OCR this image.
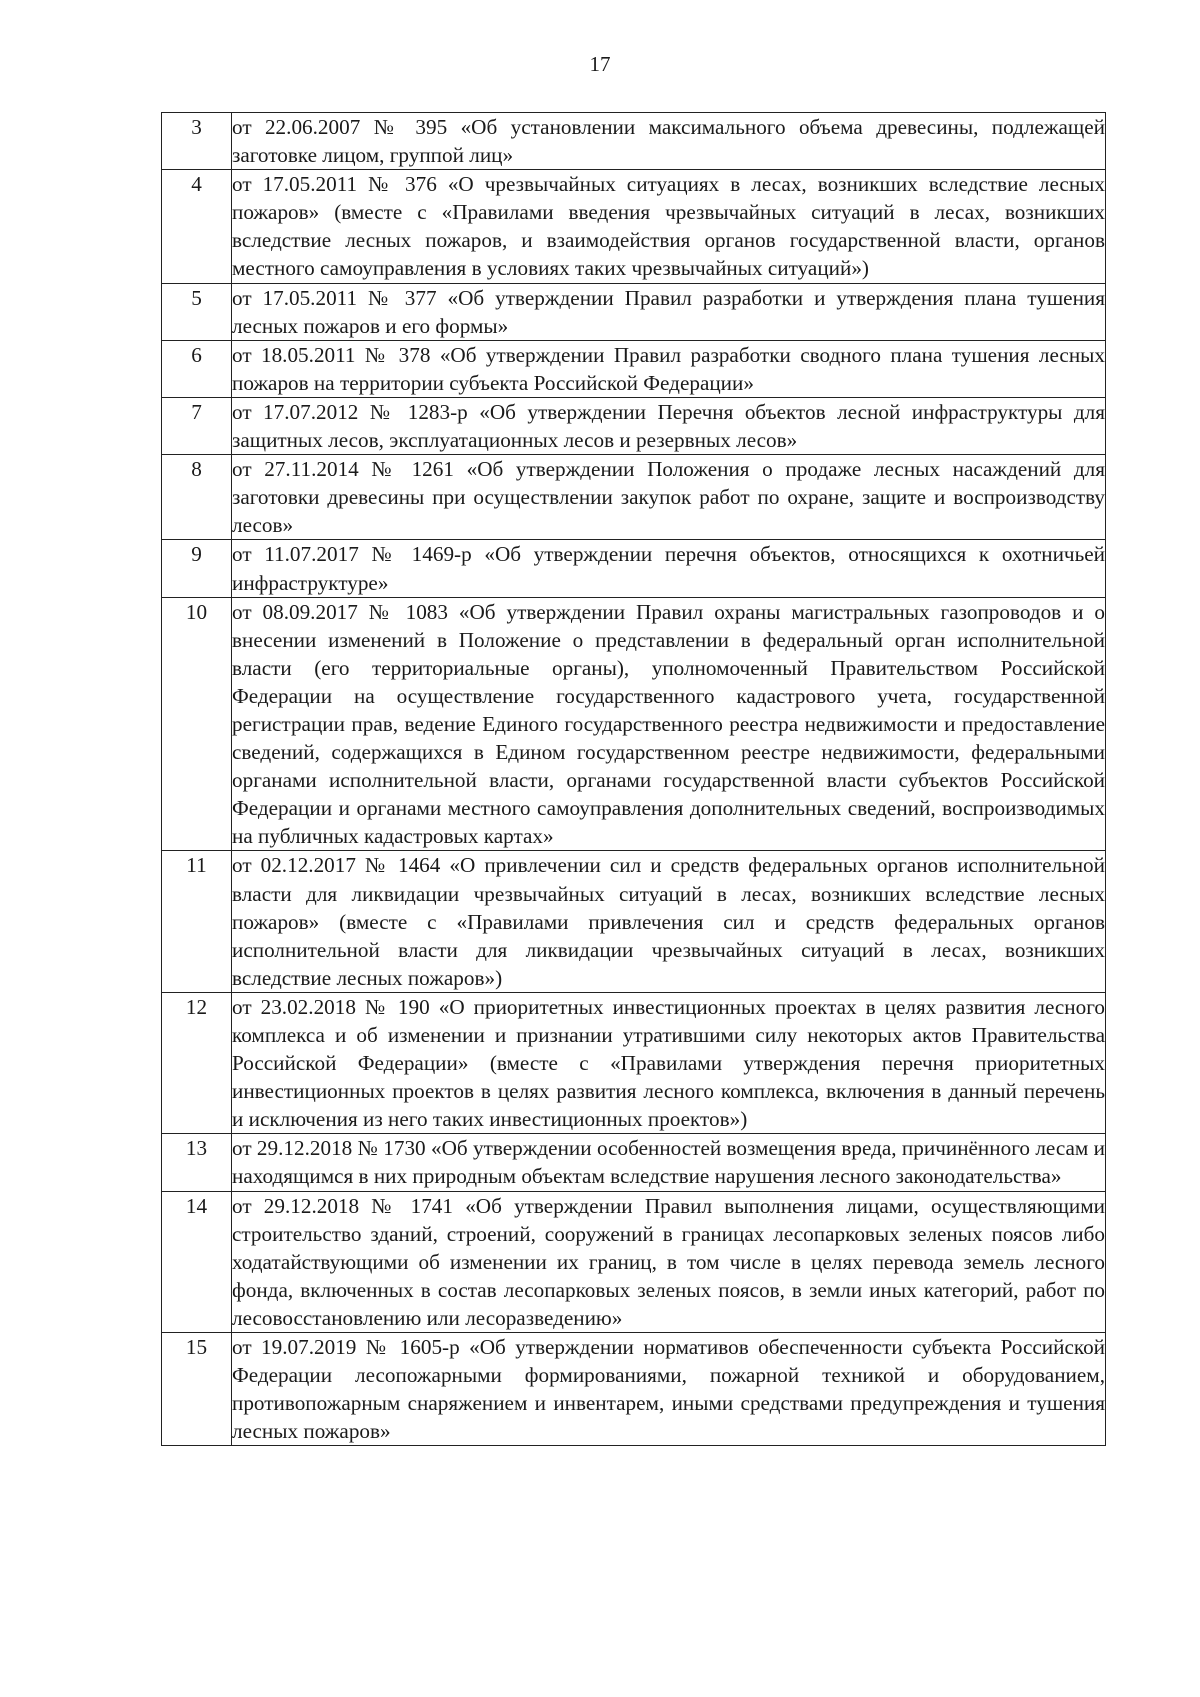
17
3	от 22.06.2007 № 395 «Об установлении максимального объема древесины, подлежащей заготовке лицом, группой лиц»
4	от 17.05.2011 № 376 «О чрезвычайных ситуациях в лесах, возникших вследствие лесных пожаров» (вместе с «Правилами введения чрезвычайных ситуаций в лесах, возникших вследствие лесных пожаров, и взаимодействия органов государственной власти, органов местного самоуправления в условиях таких чрезвычайных ситуаций»)
5	от 17.05.2011 № 377 «Об утверждении Правил разработки и утверждения плана тушения лесных пожаров и его формы»
6	от 18.05.2011 № 378 «Об утверждении Правил разработки сводного плана тушения лесных пожаров на территории субъекта Российской Федерации»
7	от 17.07.2012 № 1283-р «Об утверждении Перечня объектов лесной инфраструктуры для защитных лесов, эксплуатационных лесов и резервных лесов»
8	от 27.11.2014 № 1261 «Об утверждении Положения о продаже лесных насаждений для заготовки древесины при осуществлении закупок работ по охране, защите и воспроизводству лесов»
9	от 11.07.2017 № 1469-р «Об утверждении перечня объектов, относящихся к охотничьей инфраструктуре»
10	от 08.09.2017 № 1083 «Об утверждении Правил охраны магистральных газопроводов и о внесении изменений в Положение о представлении в федеральный орган исполнительной власти (его территориальные органы), уполномоченный Правительством Российской Федерации на осуществление государственного кадастрового учета, государственной регистрации прав, ведение Единого государственного реестра недвижимости и предоставление сведений, содержащихся в Едином государственном реестре недвижимости, федеральными органами исполнительной власти, органами государственной власти субъектов Российской Федерации и органами местного самоуправления дополнительных сведений, воспроизводимых на публичных кадастровых картах»
11	от 02.12.2017 № 1464 «О привлечении сил и средств федеральных органов исполнительной власти для ликвидации чрезвычайных ситуаций в лесах, возникших вследствие лесных пожаров» (вместе с «Правилами привлечения сил и средств федеральных органов исполнительной власти для ликвидации чрезвычайных ситуаций в лесах, возникших вследствие лесных пожаров»)
12	от 23.02.2018 № 190 «О приоритетных инвестиционных проектах в целях развития лесного комплекса и об изменении и признании утратившими силу некоторых актов Правительства Российской Федерации» (вместе с «Правилами утверждения перечня приоритетных инвестиционных проектов в целях развития лесного комплекса, включения в данный перечень и исключения из него таких инвестиционных проектов»)
13	от 29.12.2018 № 1730 «Об утверждении особенностей возмещения вреда, причинённого лесам и находящимся в них природным объектам вследствие нарушения лесного законодательства»
14	от 29.12.2018 № 1741 «Об утверждении Правил выполнения лицами, осуществляющими строительство зданий, строений, сооружений в границах лесопарковых зеленых поясов либо ходатайствующими об изменении их границ, в том числе в целях перевода земель лесного фонда, включенных в состав лесопарковых зеленых поясов, в земли иных категорий, работ по лесовосстановлению или лесоразведению»
15	от 19.07.2019 № 1605-р «Об утверждении нормативов обеспеченности субъекта Российской Федерации лесопожарными формированиями, пожарной техникой и оборудованием, противопожарным снаряжением и инвентарем, иными средствами предупреждения и тушения лесных пожаров»
